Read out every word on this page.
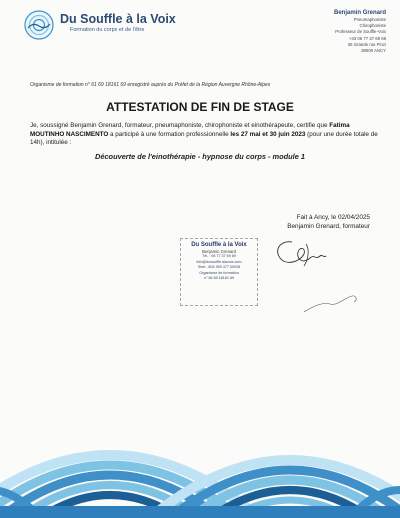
Du Souffle à la Voix
Formation du corps et de l'être
Benjamin Grenard
Pneumaphoniste
Chirophoniste
Professeur de Souffle-Voix
+33 06 77 37 69 69
36 Grande rue Pinzi
38000 ANCY
Organisme de formation n° 61 69 18161 69 enregistré auprès du Préfet de la Région Auvergne Rhône-Alpes
ATTESTATION DE FIN DE STAGE
Je, soussigné Benjamin Grenard, formateur, pneumaphoniste, chirophoniste et einothérapeute, certifie que Fatima MOUTINHO NASCIMENTO a participé à une formation professionnelle les 27 mai et 30 juin 2023 (pour une durée totale de 14h), intitulée :
Découverte de l'einothérapie - hypnose du corps - module 1
Fait à Ancy, le 02/04/2025
Benjamin Grenard, formateur
Du Souffle à la Voix
Benjamin Grenard
Tél. : 06 77 37 69 69
info@dusouffle.alavoix.com
Siret : 804 959 477 00028
Organisme de formation
n° 84 69 18161 69
